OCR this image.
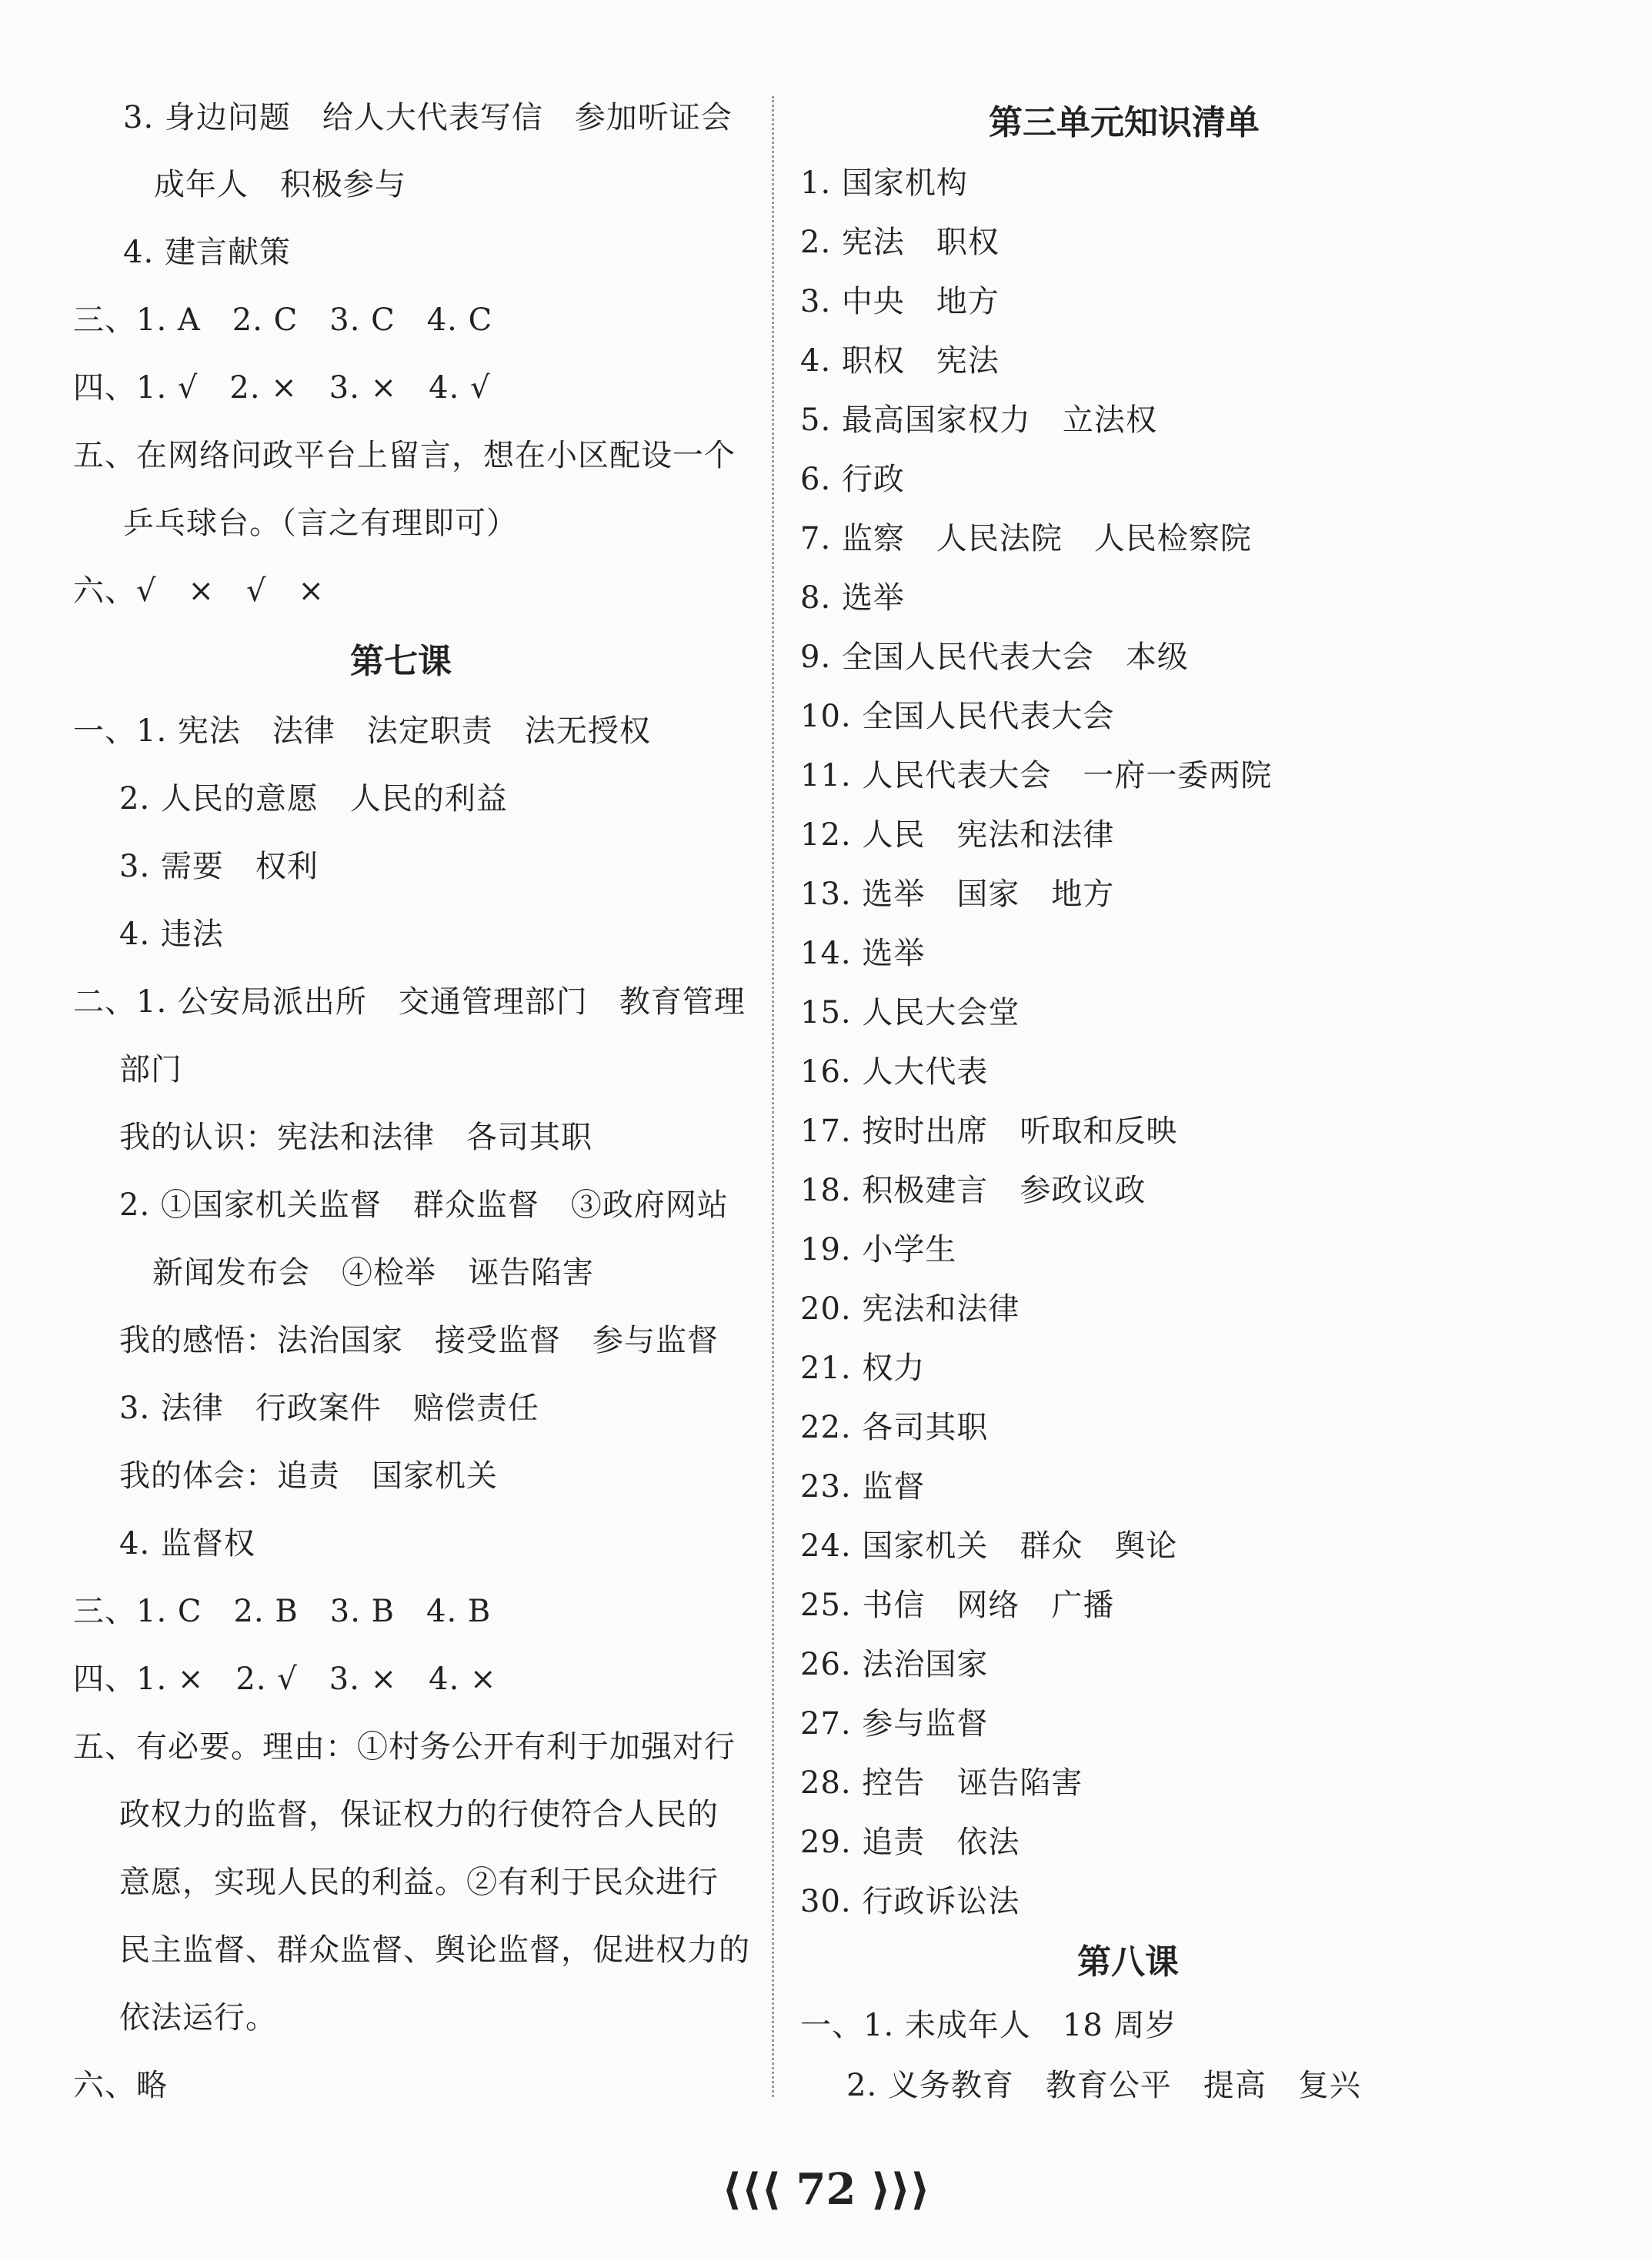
3. 身边问题　给人大代表写信　参加听证会
成年人　积极参与
4. 建言献策
三、1. A　2. C　3. C　4. C
四、1. √　2. ×　3. ×　4. √
五、在网络问政平台上留言，想在小区配设一个
乒乓球台。（言之有理即可）
六、√　×　√　×
第七课
一、1. 宪法　法律　法定职责　法无授权
2. 人民的意愿　人民的利益
3. 需要　权利
4. 违法
二、1. 公安局派出所　交通管理部门　教育管理
部门
我的认识：宪法和法律　各司其职
2. ①国家机关监督　群众监督　③政府网站
新闻发布会　④检举　诬告陷害
我的感悟：法治国家　接受监督　参与监督
3. 法律　行政案件　赔偿责任
我的体会：追责　国家机关
4. 监督权
三、1. C　2. B　3. B　4. B
四、1. ×　2. √　3. ×　4. ×
五、有必要。理由：①村务公开有利于加强对行
政权力的监督，保证权力的行使符合人民的
意愿，实现人民的利益。②有利于民众进行
民主监督、群众监督、舆论监督，促进权力的
依法运行。
六、略
第三单元知识清单
1. 国家机构
2. 宪法　职权
3. 中央　地方
4. 职权　宪法
5. 最高国家权力　立法权
6. 行政
7. 监察　人民法院　人民检察院
8. 选举
9. 全国人民代表大会　本级
10. 全国人民代表大会
11. 人民代表大会　一府一委两院
12. 人民　宪法和法律
13. 选举　国家　地方
14. 选举
15. 人民大会堂
16. 人大代表
17. 按时出席　听取和反映
18. 积极建言　参政议政
19. 小学生
20. 宪法和法律
21. 权力
22. 各司其职
23. 监督
24. 国家机关　群众　舆论
25. 书信　网络　广播
26. 法治国家
27. 参与监督
28. 控告　诬告陷害
29. 追责　依法
30. 行政诉讼法
第八课
一、1. 未成年人　18 周岁
2. 义务教育　教育公平　提高　复兴
⟨⟨⟨ 72 ⟩⟩⟩
